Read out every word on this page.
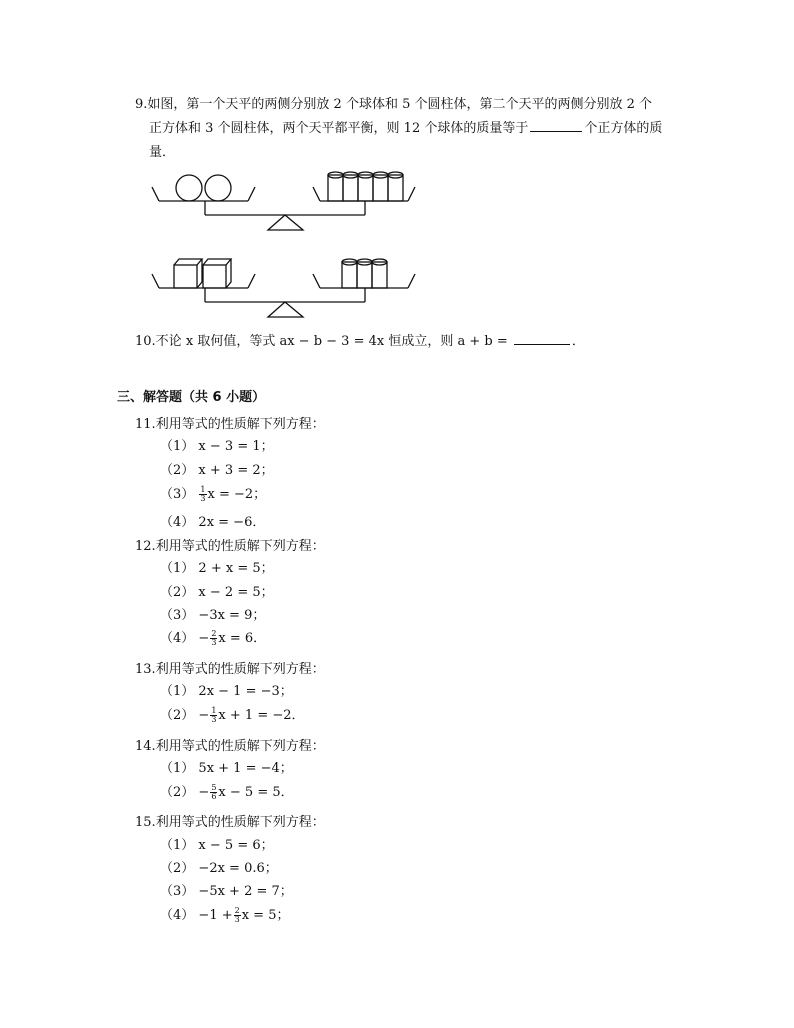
9.如图，第一个天平的两侧分别放 2 个球体和 5 个圆柱体，第二个天平的两侧分别放 2 个
正方体和 3 个圆柱体，两个天平都平衡，则 12 个球体的质量等于	个正方体的质
量．
10.不论 x 取何值，等式 ax − b − 3 = 4x 恒成立，则 a + b =	．
三、解答题（共 6 小题）
11.利用等式的性质解下列方程：
（1） x − 3 = 1；
（2） x + 3 = 2；
$(3) \frac{1}{3}$ x = −2；
（4） 2x = −6．
12.利用等式的性质解下列方程：
（1） 2 + x = 5；
（2） x − 2 = 5；
（3） −3x = 9；
$(4) - \frac{2}{3}$ x = 6．
13.利用等式的性质解下列方程：
（1） 2x − 1 = −3；
$(2) - \frac{1}{3}$ x + 1 = −2．
14.利用等式的性质解下列方程：
（1） 5x + 1 = −4；
$(2) - \frac{5}{6}$ x − 5 = 5．
15.利用等式的性质解下列方程：
（1） x − 5 = 6；
（2） −2x = 0.6；
（3） −5x + 2 = 7；
$(4) -1 + \frac{2}{3}$ x = 5；
